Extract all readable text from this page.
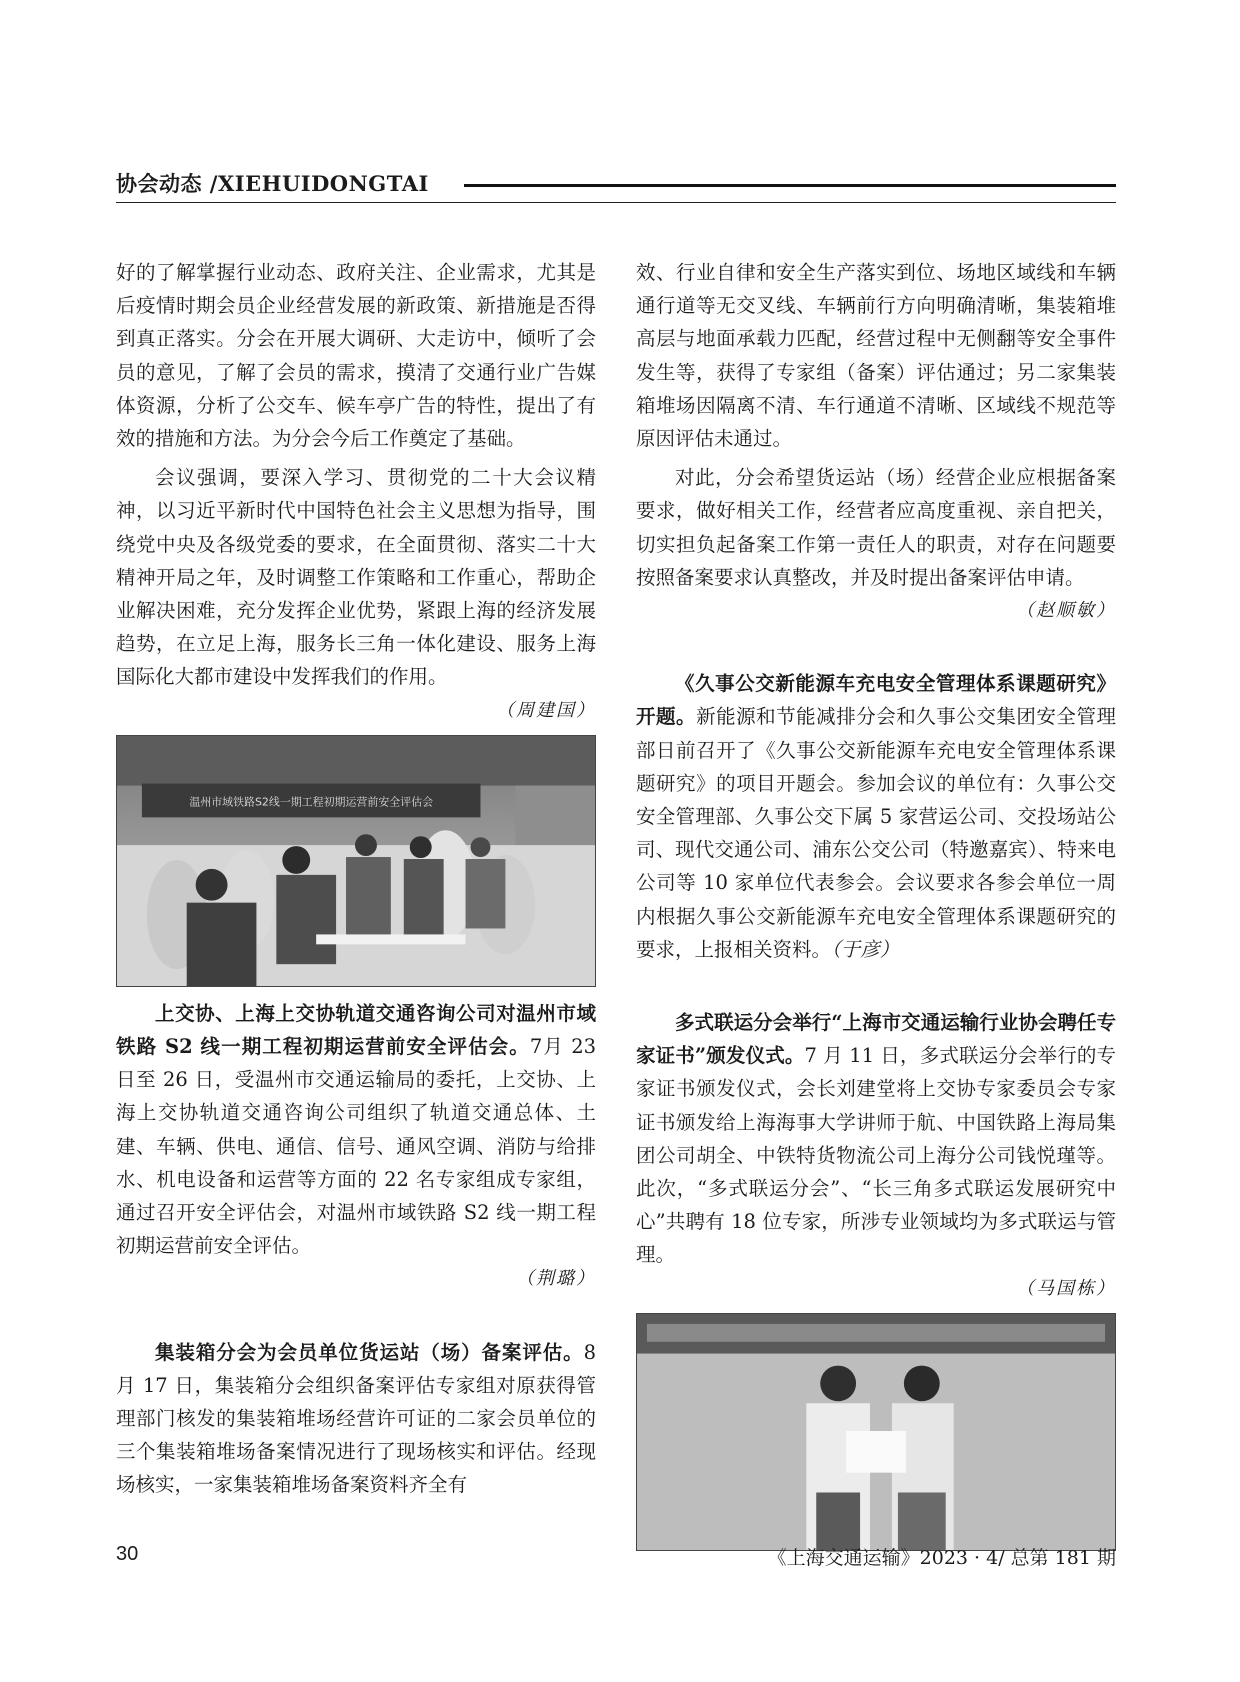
协会动态 /XIEHUIDONGTAI

好的了解掌握行业动态、政府关注、企业需求，尤其是后疫情时期会员企业经营发展的新政策、新措施是否得到真正落实。分会在开展大调研、大走访中，倾听了会员的意见，了解了会员的需求，摸清了交通行业广告媒体资源，分析了公交车、候车亭广告的特性，提出了有效的措施和方法。为分会今后工作奠定了基础。

会议强调，要深入学习、贯彻党的二十大会议精神，以习近平新时代中国特色社会主义思想为指导，围绕党中央及各级党委的要求，在全面贯彻、落实二十大精神开局之年，及时调整工作策略和工作重心，帮助企业解决困难，充分发挥企业优势，紧跟上海的经济发展趋势，在立足上海，服务长三角一体化建设、服务上海国际化大都市建设中发挥我们的作用。

（周建国）

温州市域铁路S2线一期工程初期运营前安全评估会

上交协、上海上交协轨道交通咨询公司对温州市域铁路 S2 线一期工程初期运营前安全评估会。7月 23 日至 26 日，受温州市交通运输局的委托，上交协、上海上交协轨道交通咨询公司组织了轨道交通总体、土建、车辆、供电、通信、信号、通风空调、消防与给排水、机电设备和运营等方面的 22 名专家组成专家组，通过召开安全评估会，对温州市域铁路 S2 线一期工程初期运营前安全评估。

（荆璐）

集装箱分会为会员单位货运站（场）备案评估。8 月 17 日，集装箱分会组织备案评估专家组对原获得管理部门核发的集装箱堆场经营许可证的二家会员单位的三个集装箱堆场备案情况进行了现场核实和评估。经现场核实，一家集装箱堆场备案资料齐全有

效、行业自律和安全生产落实到位、场地区域线和车辆通行道等无交叉线、车辆前行方向明确清晰，集装箱堆高层与地面承载力匹配，经营过程中无侧翻等安全事件发生等，获得了专家组（备案）评估通过；另二家集装箱堆场因隔离不清、车行通道不清晰、区域线不规范等原因评估未通过。

对此，分会希望货运站（场）经营企业应根据备案要求，做好相关工作，经营者应高度重视、亲自把关，切实担负起备案工作第一责任人的职责，对存在问题要按照备案要求认真整改，并及时提出备案评估申请。

（赵顺敏）

《久事公交新能源车充电安全管理体系课题研究》开题。新能源和节能减排分会和久事公交集团安全管理部日前召开了《久事公交新能源车充电安全管理体系课题研究》的项目开题会。参加会议的单位有：久事公交安全管理部、久事公交下属 5 家营运公司、交投场站公司、现代交通公司、浦东公交公司（特邀嘉宾）、特来电公司等 10 家单位代表参会。会议要求各参会单位一周内根据久事公交新能源车充电安全管理体系课题研究的要求，上报相关资料。（于彦）

多式联运分会举行“上海市交通运输行业协会聘任专家证书”颁发仪式。7 月 11 日，多式联运分会举行的专家证书颁发仪式，会长刘建堂将上交协专家委员会专家证书颁发给上海海事大学讲师于航、中国铁路上海局集团公司胡全、中铁特货物流公司上海分公司钱悦瑾等。此次，“多式联运分会”、“长三角多式联运发展研究中心”共聘有 18 位专家，所涉专业领域均为多式联运与管理。

（马国栋）

30	《上海交通运输》2023 · 4/ 总第 181 期
